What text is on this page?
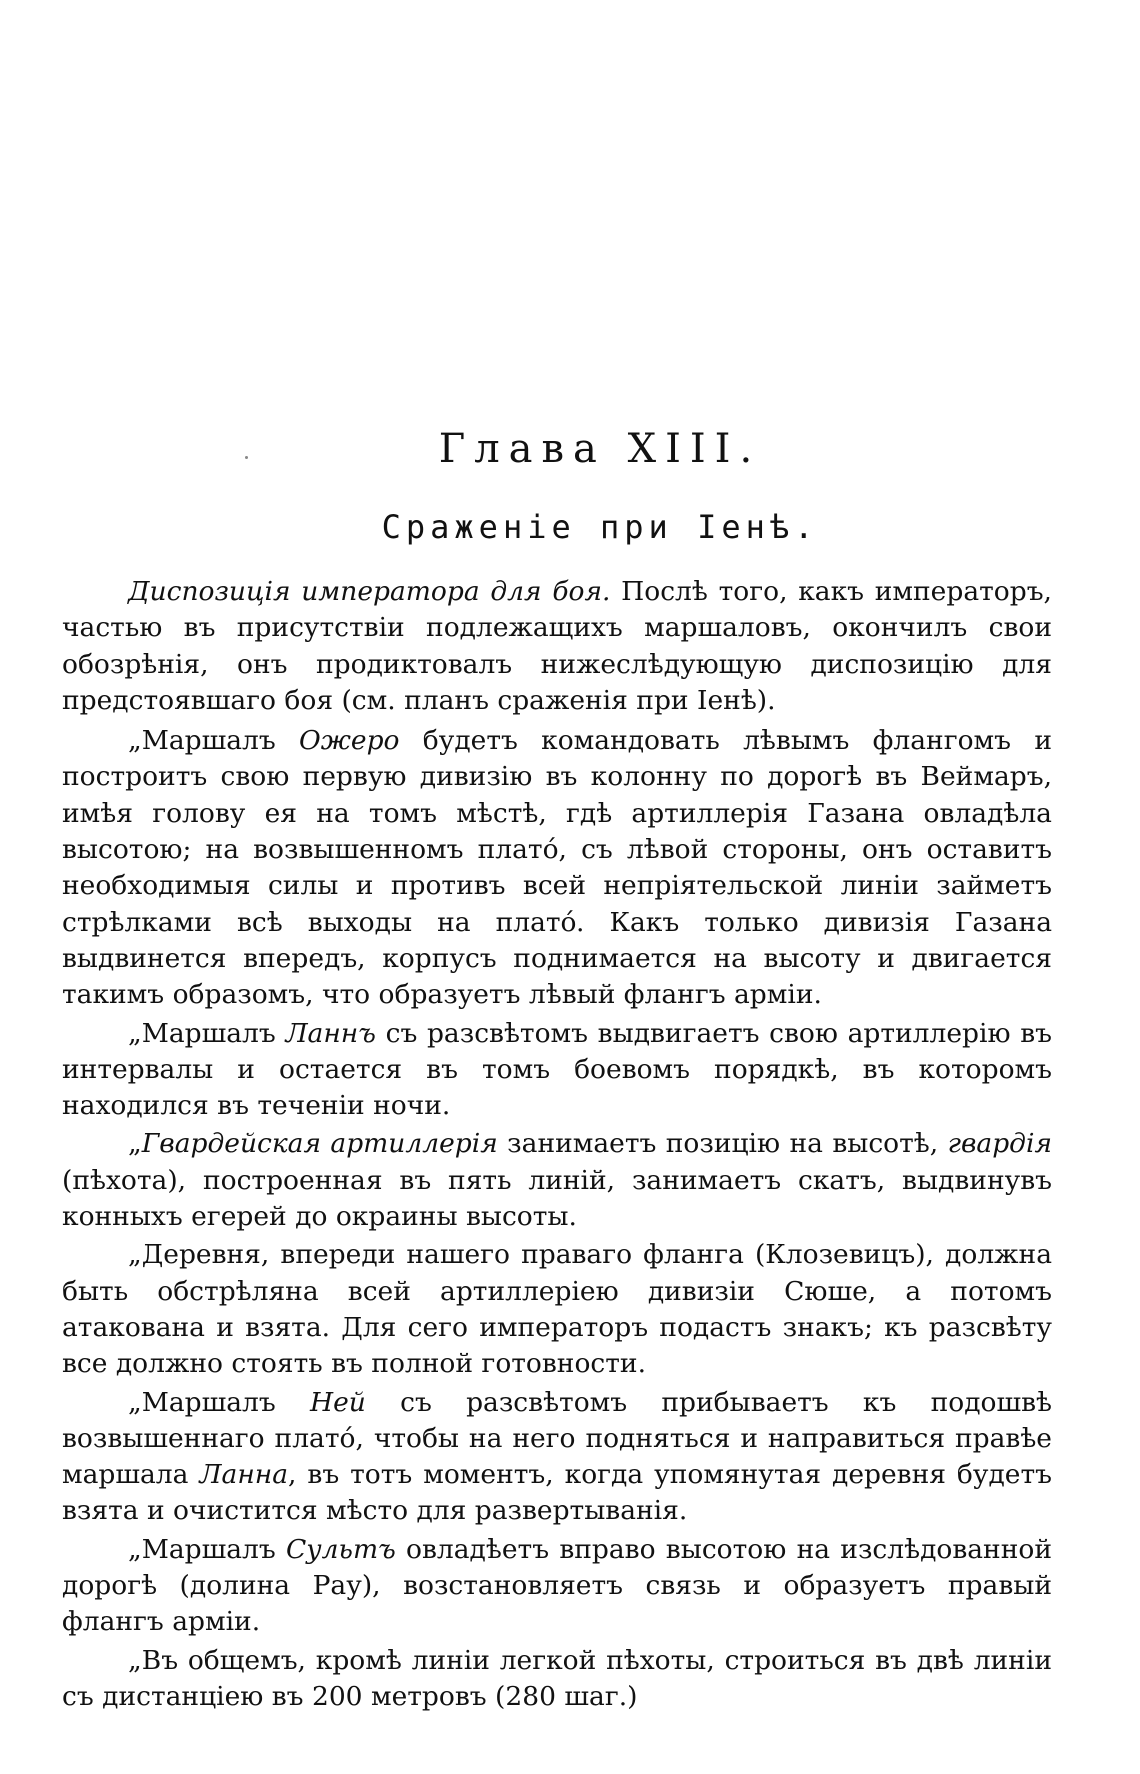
Глава XIII.
Сраженіе при Іенѣ.

Диспозиція императора для боя. Послѣ того, какъ императоръ, частью въ присутствіи подлежащихъ маршаловъ, окончилъ свои обозрѣнія, онъ продиктовалъ нижеслѣдующую диспозицію для предстоявшаго боя (см. планъ сраженія при Іенѣ).

„Маршалъ Ожеро будетъ командовать лѣвымъ флангомъ и построитъ свою первую дивизію въ колонну по дорогѣ въ Веймаръ, имѣя голову ея на томъ мѣстѣ, гдѣ артиллерія Газана овладѣла высотою; на возвышенномъ платó, съ лѣвой стороны, онъ оставитъ необходимыя силы и противъ всей непріятельской линіи займетъ стрѣлками всѣ выходы на платó. Какъ только дивизія Газана выдвинется впередъ, корпусъ поднимается на высоту и двигается такимъ образомъ, что образуетъ лѣвый флангъ арміи.

„Маршалъ Ланнъ съ разсвѣтомъ выдвигаетъ свою артиллерію въ интервалы и остается въ томъ боевомъ порядкѣ, въ которомъ находился въ теченіи ночи.

„Гвардейская артиллерія занимаетъ позицію на высотѣ, гвардія (пѣхота), построенная въ пять линій, занимаетъ скатъ, выдвинувъ конныхъ егерей до окраины высоты.

„Деревня, впереди нашего праваго фланга (Клозевицъ), должна быть обстрѣляна всей артиллеріею дивизіи Сюше, а потомъ атакована и взята. Для сего императоръ подастъ знакъ; къ разсвѣту все должно стоять въ полной готовности.

„Маршалъ Ней съ разсвѣтомъ прибываетъ къ подошвѣ возвышеннаго платó, чтобы на него подняться и направиться правѣе маршала Ланна, въ тотъ моментъ, когда упомянутая деревня будетъ взята и очистится мѣсто для развертыванія.

„Маршалъ Сультъ овладѣетъ вправо высотою на изслѣдованной дорогѣ (долина Рау), возстановляетъ связь и образуетъ правый флангъ арміи.

„Въ общемъ, кромѣ линіи легкой пѣхоты, строиться въ двѣ линіи съ дистанціею въ 200 метровъ (280 шаг.)
